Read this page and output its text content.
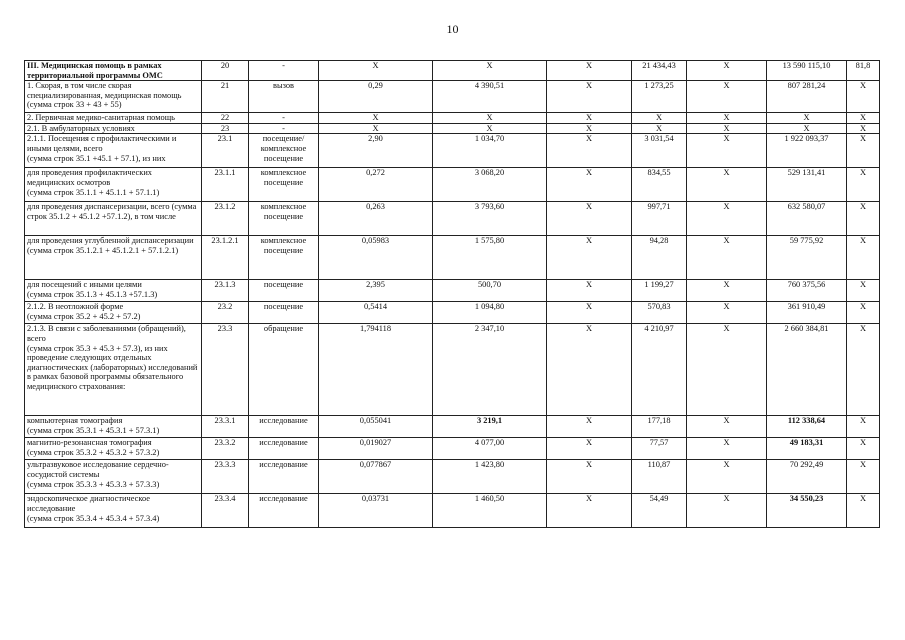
10
III. Медицинская помощь в рамках территориальной программы ОМС	20	-	X	X	X	21 434,43	X	13 590 115,10	81,8
1. Скорая, в том числе скорая специализированная, медицинская помощь (сумма строк 33 + 43 + 55)	21	вызов	0,29	4 390,51	X	1 273,25	X	807 281,24	X
2. Первичная медико-санитарная помощь	22	-	X	X	X	X	X	X	X
2.1. В амбулаторных условиях	23	-	X	X	X	X	X	X	X
2.1.1. Посещения с профилактическими и иными целями, всего
(сумма строк 35.1 +45.1 + 57.1), из них	23.1	посещение/ комплексное посещение	2,90	1 034,70	X	3 031,54	X	1 922 093,37	X
для проведения профилактических медицинских осмотров
(сумма строк 35.1.1 + 45.1.1 + 57.1.1)	23.1.1	комплексное посещение	0,272	3 068,20	X	834,55	X	529 131,41	X
для проведения диспансеризации, всего (сумма строк 35.1.2 + 45.1.2 +57.1.2), в том числе	23.1.2	комплексное посещение	0,263	3 793,60	X	997,71	X	632 580,07	X
для проведения углубленной диспансеризации
(сумма строк 35.1.2.1 + 45.1.2.1 + 57.1.2.1)	23.1.2.1	комплексное посещение	0,05983	1 575,80	X	94,28	X	59 775,92	X
для посещений с иными целями
(сумма строк 35.1.3 + 45.1.3 +57.1.3)	23.1.3	посещение	2,395	500,70	X	1 199,27	X	760 375,56	X
2.1.2. В неотложной форме
(сумма строк 35.2 + 45.2 + 57.2)	23.2	посещение	0,5414	1 094,80	X	570,83	X	361 910,49	X
2.1.3. В связи с заболеваниями (обращений), всего
(сумма строк 35.3 + 45.3 + 57.3), из них проведение следующих отдельных диагностических (лабораторных) исследований в рамках базовой программы обязательного медицинского страхования:	23.3	обращение	1,794118	2 347,10	X	4 210,97	X	2 660 384,81	X
компьютерная томография
(сумма строк 35.3.1 + 45.3.1 + 57.3.1)	23.3.1	исследование	0,055041	3 219,1	X	177,18	X	112 338,64	X
магнитно-резонансная томография
(сумма строк 35.3.2 + 45.3.2 + 57.3.2)	23.3.2	исследование	0,019027	4 077,00	X	77,57	X	49 183,31	X
ультразвуковое исследование сердечно-сосудистой системы
(сумма строк 35.3.3 + 45.3.3 + 57.3.3)	23.3.3	исследование	0,077867	1 423,80	X	110,87	X	70 292,49	X
эндоскопическое диагностическое исследование
(сумма строк 35.3.4 + 45.3.4 + 57.3.4)	23.3.4	исследование	0,03731	1 460,50	X	54,49	X	34 550,23	X
